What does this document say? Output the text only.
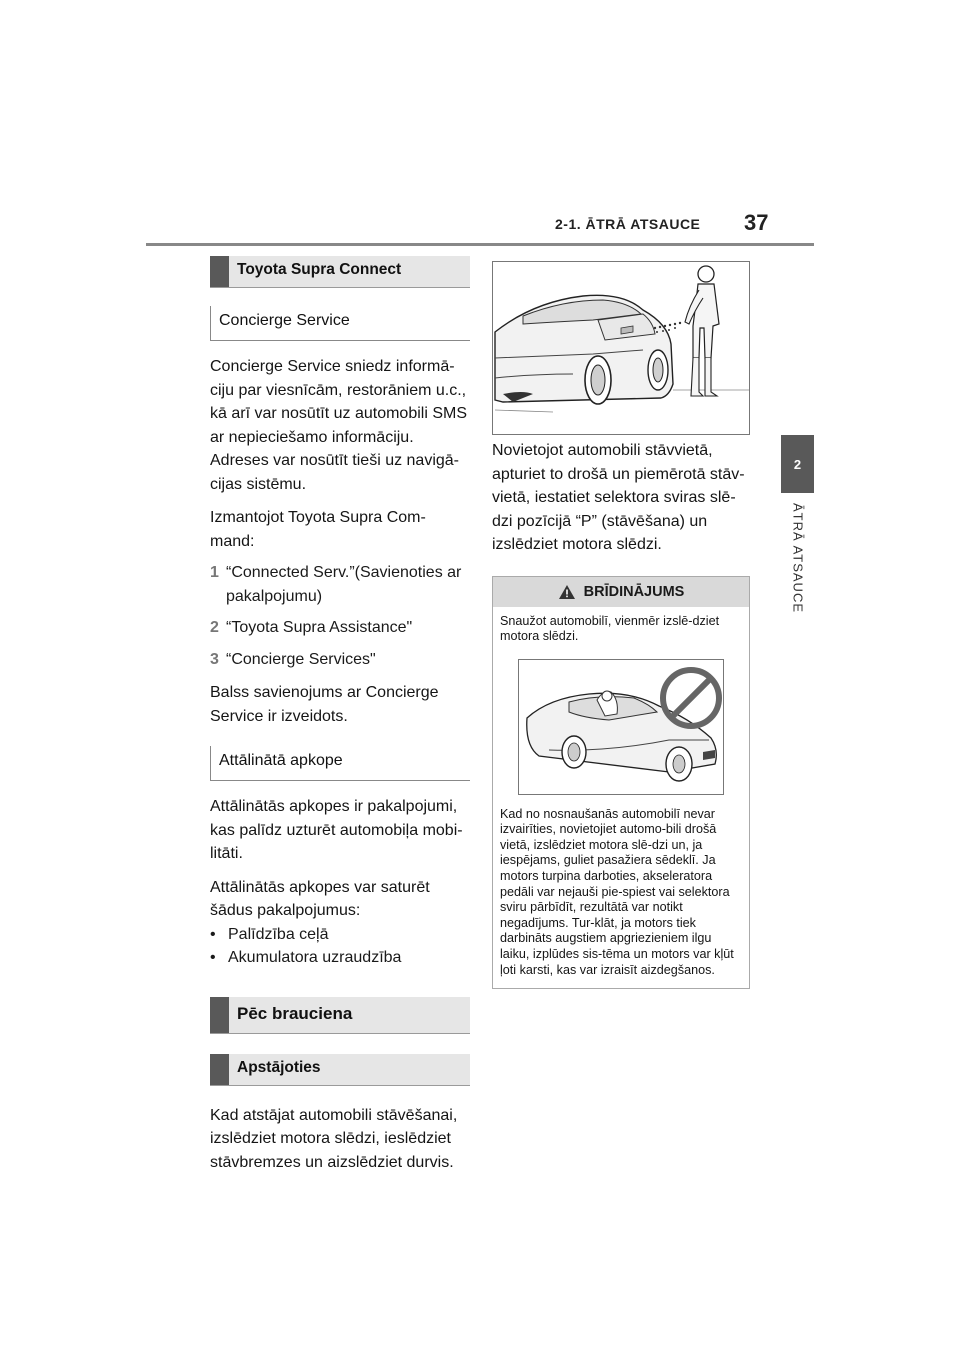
2-1. ĀTRĀ ATSAUCE 37
2
ĀTRĀ ATSAUCE
Toyota Supra Connect
Concierge Service

Concierge Service sniedz informā-ciju par viesnīcām, restorāniem u.c., kā arī var nosūtīt uz automobili SMS ar nepieciešamo informāciju. Adreses var nosūtīt tieši uz navigā-cijas sistēmu.

Izmantojot Toyota Supra Com-mand:

1 “Connected Serv.”(Savienoties ar pakalpojumu)
2 “Toyota Supra Assistance"
3 “Concierge Services"

Balss savienojums ar Concierge Service ir izveidots.

Attālinātā apkope

Attālinātās apkopes ir pakalpojumi, kas palīdz uzturēt automobiļa mobi-litāti.

Attālinātās apkopes var saturēt šādus pakalpojumus:

• Palīdzība ceļā
• Akumulatora uzraudzība
Pēc brauciena
Apstājoties

Kad atstājat automobili stāvēšanai, izslēdziet motora slēdzi, ieslēdziet stāvbremzes un aizslēdziet durvis.

Novietojot automobili stāvvietā, apturiet to drošā un piemērotā stāv-vietā, iestatiet selektora sviras slē-dzi pozīcijā “P” (stāvēšana) un izslēdziet motora slēdzi.

BRĪDINĀJUMS
Snaužot automobilī, vienmēr izslē-dziet motora slēdzi.
Kad no nosnaušanās automobilī nevar izvairīties, novietojiet automo-bili drošā vietā, izslēdziet motora slē-dzi un, ja iespējams, guliet pasažiera sēdeklī. Ja motors turpina darboties, akseleratora pedāli var nejauši pie-spiest vai selektora sviru pārbīdīt, rezultātā var notikt negadījums. Tur-klāt, ja motors tiek darbināts augstiem apgriezieniem ilgu laiku, izplūdes sis-tēma un motors var kļūt ļoti karsti, kas var izraisīt aizdegšanos.
